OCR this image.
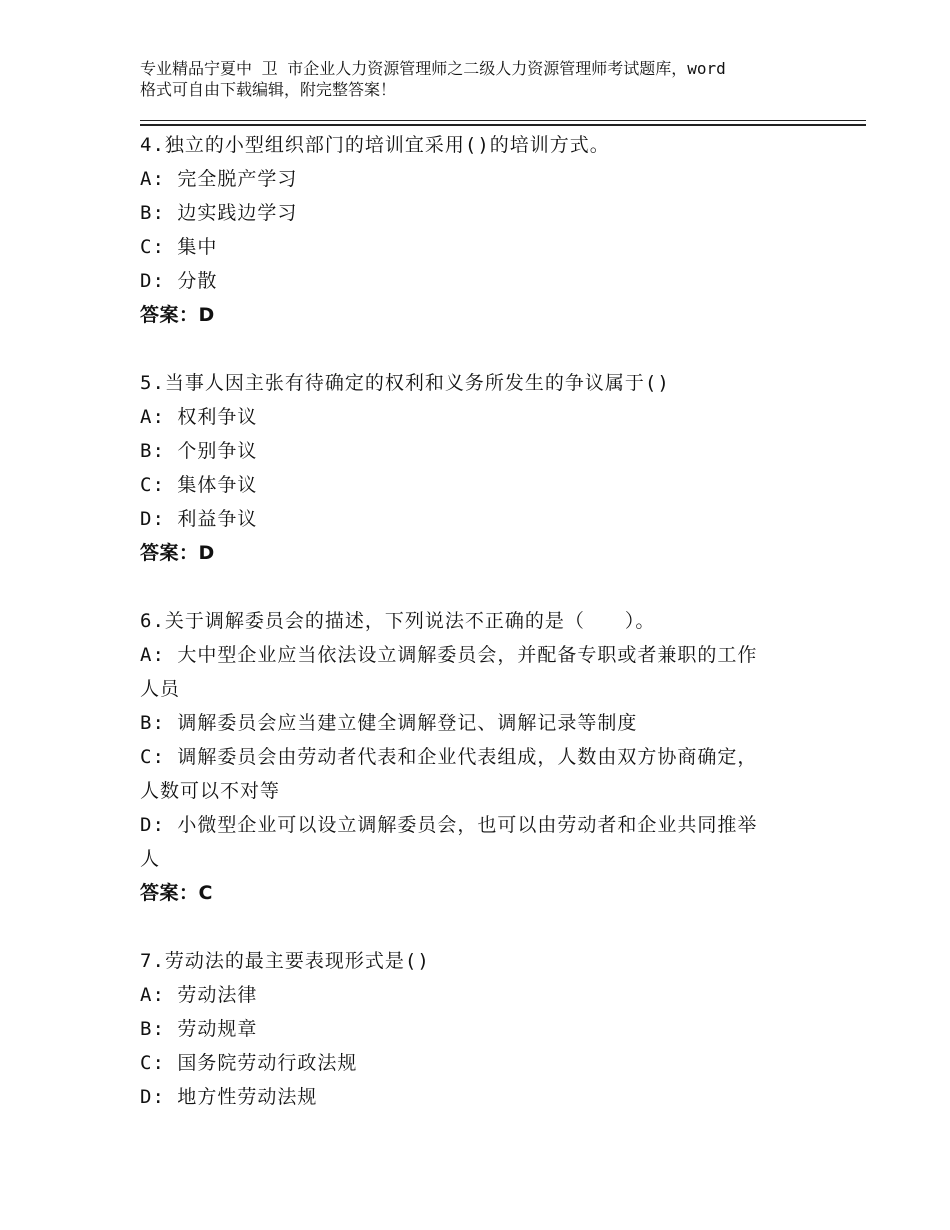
专业精品宁夏中 卫 市企业人力资源管理师之二级人力资源管理师考试题库，word
格式可自由下载编辑，附完整答案！
4.独立的小型组织部门的培训宜采用()的培训方式。
A: 完全脱产学习
B: 边实践边学习
C: 集中
D: 分散
答案：D
5.当事人因主张有待确定的权利和义务所发生的争议属于()
A: 权利争议
B: 个别争议
C: 集体争议
D: 利益争议
答案：D
6.关于调解委员会的描述，下列说法不正确的是（　　）。
A: 大中型企业应当依法设立调解委员会，并配备专职或者兼职的工作
人员
B: 调解委员会应当建立健全调解登记、调解记录等制度
C: 调解委员会由劳动者代表和企业代表组成，人数由双方协商确定，
人数可以不对等
D: 小微型企业可以设立调解委员会，也可以由劳动者和企业共同推举
人
答案：C
7.劳动法的最主要表现形式是()
A: 劳动法律
B: 劳动规章
C: 国务院劳动行政法规
D: 地方性劳动法规
